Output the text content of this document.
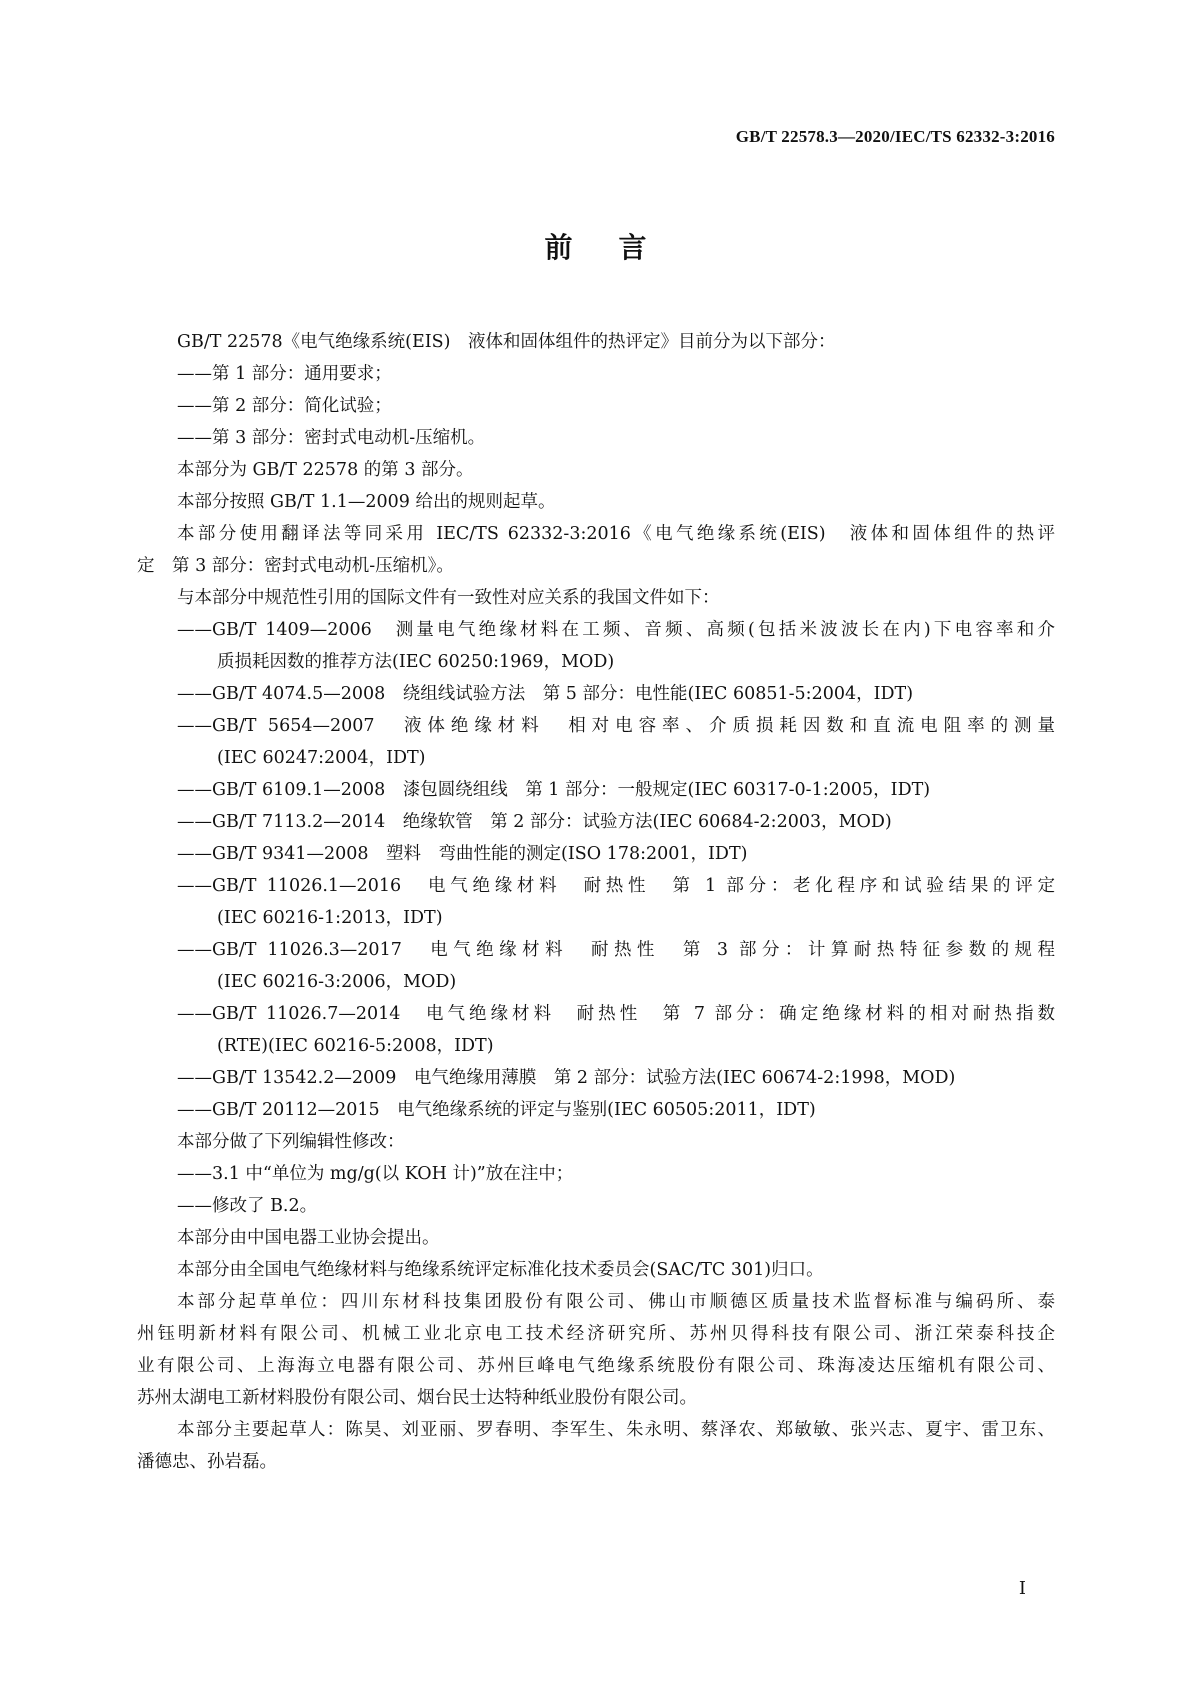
GB/T 22578.3—2020/IEC/TS 62332-3:2016
前言
GB/T 22578《电气绝缘系统(EIS)　液体和固体组件的热评定》目前分为以下部分：
——第 1 部分：通用要求；
——第 2 部分：简化试验；
——第 3 部分：密封式电动机-压缩机。
本部分为 GB/T 22578 的第 3 部分。
本部分按照 GB/T 1.1—2009 给出的规则起草。
本部分使用翻译法等同采用 IEC/TS 62332-3:2016《电气绝缘系统(EIS)　液体和固体组件的热评
定　第 3 部分：密封式电动机-压缩机》。
与本部分中规范性引用的国际文件有一致性对应关系的我国文件如下：
——GB/T 1409—2006　测量电气绝缘材料在工频、音频、高频(包括米波波长在内)下电容率和介
质损耗因数的推荐方法(IEC 60250:1969，MOD)
——GB/T 4074.5—2008　绕组线试验方法　第 5 部分：电性能(IEC 60851-5:2004，IDT)
——GB/T 5654—2007　液体绝缘材料　相对电容率、介质损耗因数和直流电阻率的测量
(IEC 60247:2004，IDT)
——GB/T 6109.1—2008　漆包圆绕组线　第 1 部分：一般规定(IEC 60317-0-1:2005，IDT)
——GB/T 7113.2—2014　绝缘软管　第 2 部分：试验方法(IEC 60684-2:2003，MOD)
——GB/T 9341—2008　塑料　弯曲性能的测定(ISO 178:2001，IDT)
——GB/T 11026.1—2016　电气绝缘材料　耐热性　第 1 部分：老化程序和试验结果的评定
(IEC 60216-1:2013，IDT)
——GB/T 11026.3—2017　电气绝缘材料　耐热性　第 3 部分：计算耐热特征参数的规程
(IEC 60216-3:2006，MOD)
——GB/T 11026.7—2014　电气绝缘材料　耐热性　第 7 部分：确定绝缘材料的相对耐热指数
(RTE)(IEC 60216-5:2008，IDT)
——GB/T 13542.2—2009　电气绝缘用薄膜　第 2 部分：试验方法(IEC 60674-2:1998，MOD)
——GB/T 20112—2015　电气绝缘系统的评定与鉴别(IEC 60505:2011，IDT)
本部分做了下列编辑性修改：
——3.1 中“单位为 mg/g(以 KOH 计)”放在注中；
——修改了 B.2。
本部分由中国电器工业协会提出。
本部分由全国电气绝缘材料与绝缘系统评定标准化技术委员会(SAC/TC 301)归口。
本部分起草单位：四川东材科技集团股份有限公司、佛山市顺德区质量技术监督标准与编码所、泰
州钰明新材料有限公司、机械工业北京电工技术经济研究所、苏州贝得科技有限公司、浙江荣泰科技企
业有限公司、上海海立电器有限公司、苏州巨峰电气绝缘系统股份有限公司、珠海凌达压缩机有限公司、
苏州太湖电工新材料股份有限公司、烟台民士达特种纸业股份有限公司。
本部分主要起草人：陈昊、刘亚丽、罗春明、李军生、朱永明、蔡泽农、郑敏敏、张兴志、夏宇、雷卫东、
潘德忠、孙岩磊。
I
